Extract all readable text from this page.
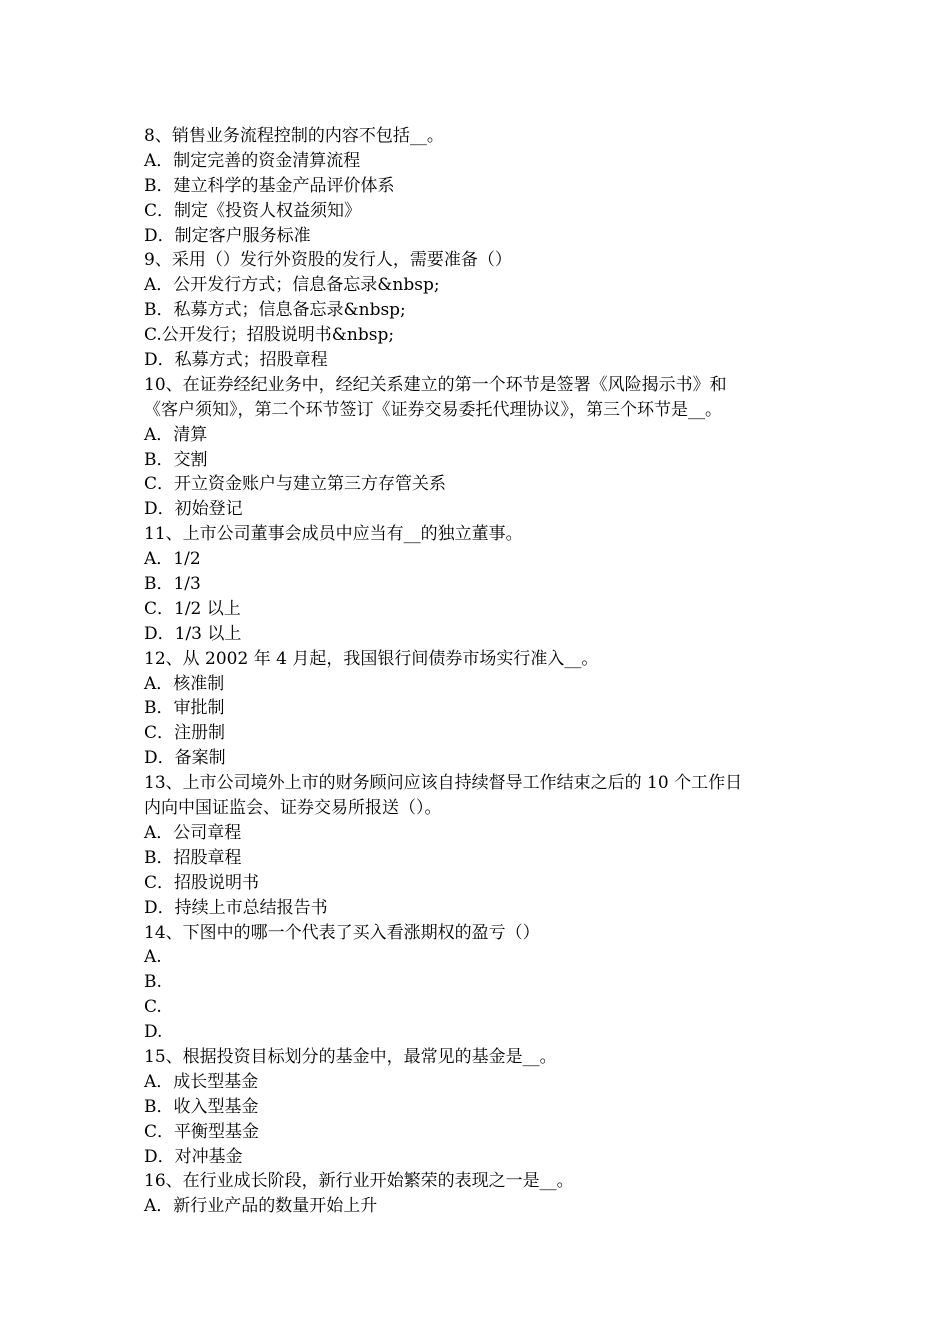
8、销售业务流程控制的内容不包括__。
A．制定完善的资金清算流程
B．建立科学的基金产品评价体系
C．制定《投资人权益须知》
D．制定客户服务标准
9、采用（）发行外资股的发行人，需要准备（）
A．公开发行方式；信息备忘录&nbsp;
B．私募方式；信息备忘录&nbsp;
C.公开发行；招股说明书&nbsp;
D．私募方式；招股章程
10、在证券经纪业务中，经纪关系建立的第一个环节是签署《风险揭示书》和
《客户须知》，第二个环节签订《证券交易委托代理协议》，第三个环节是__。
A．清算
B．交割
C．开立资金账户与建立第三方存管关系
D．初始登记
11、上市公司董事会成员中应当有__的独立董事。
A．1/2
B．1/3
C．1/2 以上
D．1/3 以上
12、从 2002 年 4 月起，我国银行间债券市场实行准入__。
A．核准制
B．审批制
C．注册制
D．备案制
13、上市公司境外上市的财务顾问应该自持续督导工作结束之后的 10 个工作日
内向中国证监会、证券交易所报送（）。
A．公司章程
B．招股章程
C．招股说明书
D．持续上市总结报告书
14、下图中的哪一个代表了买入看涨期权的盈亏（）
A.
B.
C.
D.
15、根据投资目标划分的基金中，最常见的基金是__。
A．成长型基金
B．收入型基金
C．平衡型基金
D．对冲基金
16、在行业成长阶段，新行业开始繁荣的表现之一是__。
A．新行业产品的数量开始上升
